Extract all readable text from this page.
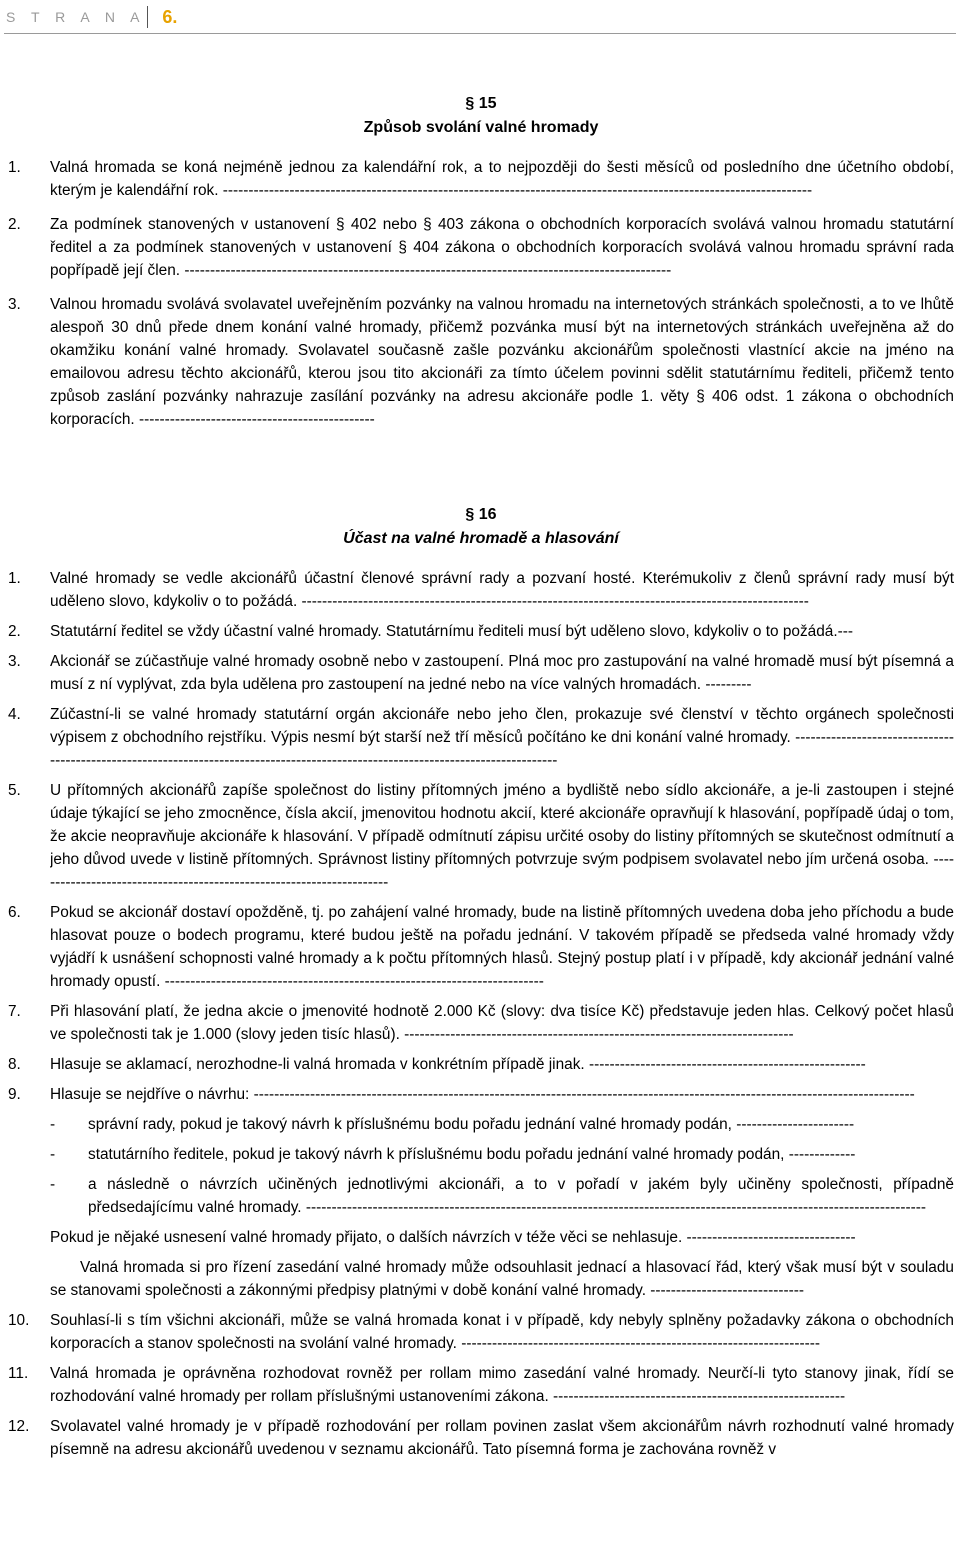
S T R A N A 6.
§ 15
Způsob svolání valné hromady
1.	Valná hromada se koná nejméně jednou za kalendářní rok, a to nejpozději do šesti měsíců od posledního dne účetního období, kterým je kalendářní rok. -------------------------------------------------------------------------------------------------------------------
2.	Za podmínek stanovených v ustanovení § 402 nebo § 403 zákona o obchodních korporacích svolává valnou hromadu statutární ředitel a za podmínek stanovených v ustanovení § 404 zákona o obchodních korporacích svolává valnou hromadu správní rada popřípadě její člen. -----------------------------------------------------------------------------------------------
3.	Valnou hromadu svolává svolavatel uveřejněním pozvánky na valnou hromadu na internetových stránkách společnosti, a to ve lhůtě alespoň 30 dnů přede dnem konání valné hromady, přičemž pozvánka musí být na internetových stránkách uveřejněna až do okamžiku konání valné hromady. Svolavatel současně zašle pozvánku akcionářům společnosti vlastnící akcie na jméno na emailovou adresu těchto akcionářů, kterou jsou tito akcionáři za tímto účelem povinni sdělit statutárnímu řediteli, přičemž tento způsob zaslání pozvánky nahrazuje zasílání pozvánky na adresu akcionáře podle 1. věty § 406 odst. 1 zákona o obchodních korporacích. ----------------------------------------------
§ 16
Účast na valné hromadě a hlasování
1.	Valné hromady se vedle akcionářů účastní členové správní rady a pozvaní hosté. Kterémukoliv z členů správní rady musí být uděleno slovo, kdykoliv o to požádá. ---------------------------------------------------------------------------------------------------
2.	Statutární ředitel se vždy účastní valné hromady. Statutárnímu řediteli musí být uděleno slovo, kdykoliv o to požádá.---
3.	Akcionář se zúčastňuje valné hromady osobně nebo v zastoupení. Plná moc pro zastupování na valné hromadě musí být písemná a musí z ní vyplývat, zda byla udělena pro zastoupení na jedné nebo na více valných hromadách. ---------
4.	Zúčastní-li se valné hromady statutární orgán akcionáře nebo jeho člen, prokazuje své členství v těchto orgánech společnosti výpisem z obchodního rejstříku. Výpis nesmí být starší než tří měsíců počítáno ke dni konání valné hromady. ----------------------------------------------------------------------------------------------------------------------------------
5.	U přítomných akcionářů zapíše společnost do listiny přítomných jméno a bydliště nebo sídlo akcionáře, a je-li zastoupen i stejné údaje týkající se jeho zmocněnce, čísla akcií, jmenovitou hodnotu akcií, které akcionáře opravňují k hlasování, popřípadě údaj o tom, že akcie neopravňuje akcionáře k hlasování. V případě odmítnutí zápisu určité osoby do listiny přítomných se skutečnost odmítnutí a jeho důvod uvede v listině přítomných. Správnost listiny přítomných potvrzuje svým podpisem svolavatel nebo jím určená osoba. ----------------------------------------------------------------------
6.	Pokud se akcionář dostaví opožděně, tj. po zahájení valné hromady, bude na listině přítomných uvedena doba jeho příchodu a bude hlasovat pouze o bodech programu, které budou ještě na pořadu jednání. V takovém případě se předseda valné hromady vždy vyjádří k usnášení schopnosti valné hromady a k počtu přítomných hlasů. Stejný postup platí i v případě, kdy akcionář jednání valné hromady opustí. --------------------------------------------------------------------------
7.	Při hlasování platí, že jedna akcie o jmenovité hodnotě 2.000 Kč (slovy: dva tisíce Kč) představuje jeden hlas. Celkový počet hlasů ve společnosti tak je 1.000 (slovy jeden tisíc hlasů). ----------------------------------------------------------------------------
8.	Hlasuje se aklamací, nerozhodne-li valná hromada v konkrétním případě jinak. ------------------------------------------------------
9.	Hlasuje se nejdříve o návrhu: ---------------------------------------------------------------------------------------------------------------------------------
-	správní rady, pokud je takový návrh k příslušnému bodu pořadu jednání valné hromady podán, -----------------------
-	statutárního ředitele, pokud je takový návrh k příslušnému bodu pořadu jednání valné hromady podán, -------------
-	a následně o návrzích učiněných jednotlivými akcionáři, a to v pořadí v jakém byly učiněny společnosti, případně předsedajícímu valné hromady. -------------------------------------------------------------------------------------------------------------------------
Pokud je nějaké usnesení valné hromady přijato, o dalších návrzích v téže věci se nehlasuje. ---------------------------------
Valná hromada si pro řízení zasedání valné hromady může odsouhlasit jednací a hlasovací řád, který však musí být v souladu se stanovami společnosti a zákonnými předpisy platnými v době konání valné hromady. ------------------------------
10.	Souhlasí-li s tím všichni akcionáři, může se valná hromada konat i v případě, kdy nebyly splněny požadavky zákona o obchodních korporacích a stanov společnosti na svolání valné hromady. ----------------------------------------------------------------------
11.	Valná hromada je oprávněna rozhodovat rovněž per rollam mimo zasedání valné hromady. Neurčí-li tyto stanovy jinak, řídí se rozhodování valné hromady per rollam příslušnými ustanoveními zákona. ---------------------------------------------------------
12.	Svolavatel valné hromady je v případě rozhodování per rollam povinen zaslat všem akcionářům návrh rozhodnutí valné hromady písemně na adresu akcionářů uvedenou v seznamu akcionářů. Tato písemná forma je zachována rovněž v
